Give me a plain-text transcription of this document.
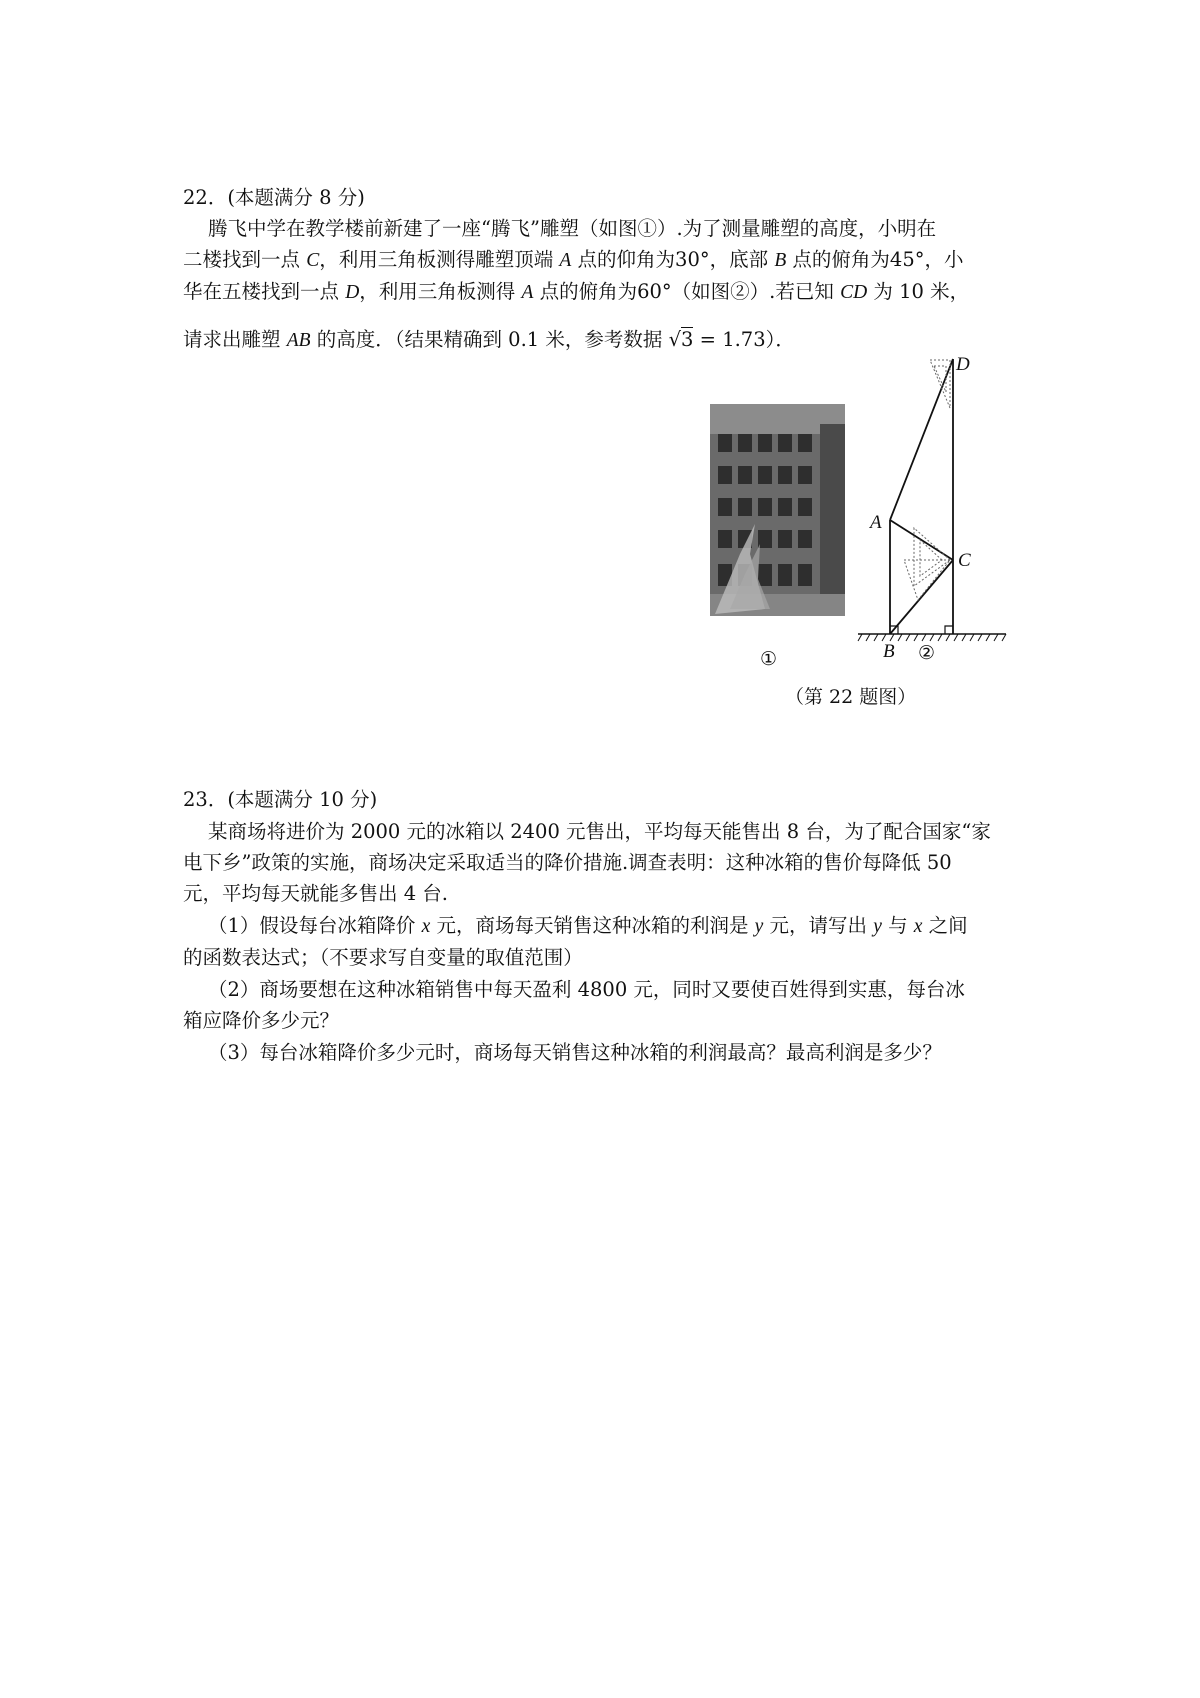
22．(本题满分 8 分)
腾飞中学在教学楼前新建了一座“腾飞”雕塑（如图①）.为了测量雕塑的高度，小明在
二楼找到一点 C，利用三角板测得雕塑顶端 A 点的仰角为30°，底部 B 点的俯角为45°，小
华在五楼找到一点 D，利用三角板测得 A 点的俯角为60°（如图②）.若已知 CD 为 10 米，
请求出雕塑 AB 的高度．（结果精确到 0.1 米，参考数据 √3 = 1.73）．
D
A
C
B ②
①
（第 22 题图）
23．(本题满分 10 分)
某商场将进价为 2000 元的冰箱以 2400 元售出，平均每天能售出 8 台，为了配合国家“家
电下乡”政策的实施，商场决定采取适当的降价措施.调查表明：这种冰箱的售价每降低 50
元，平均每天就能多售出 4 台.
（1）假设每台冰箱降价 x 元，商场每天销售这种冰箱的利润是 y 元，请写出 y 与 x 之间
的函数表达式；（不要求写自变量的取值范围）
（2）商场要想在这种冰箱销售中每天盈利 4800 元，同时又要使百姓得到实惠，每台冰
箱应降价多少元？
（3）每台冰箱降价多少元时，商场每天销售这种冰箱的利润最高？最高利润是多少？
